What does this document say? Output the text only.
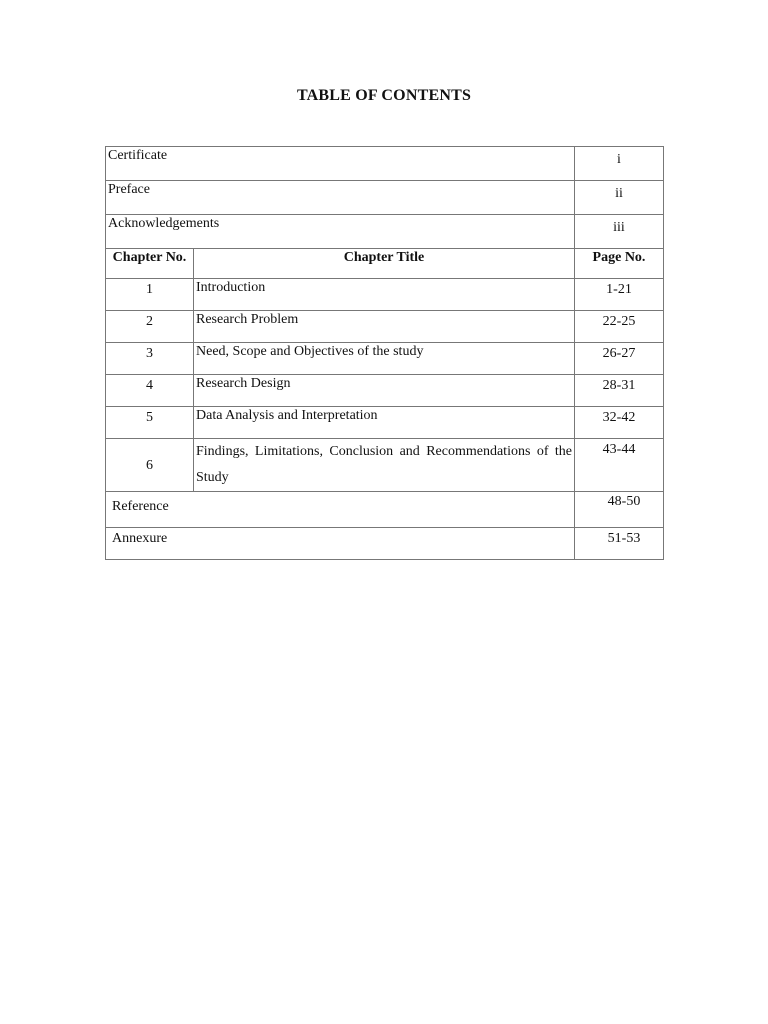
TABLE OF CONTENTS
Certificate		i
Preface		ii
Acknowledgements		iii
Chapter No.	Chapter Title	Page No.
1	Introduction	1-21
2	Research Problem	22-25
3	Need, Scope and Objectives of the study	26-27
4	Research Design	28-31
5	Data Analysis and Interpretation	32-42
6	Findings, Limitations, Conclusion and Recommendations of the Study	43-44
Reference		48-50
Annexure		51-53
